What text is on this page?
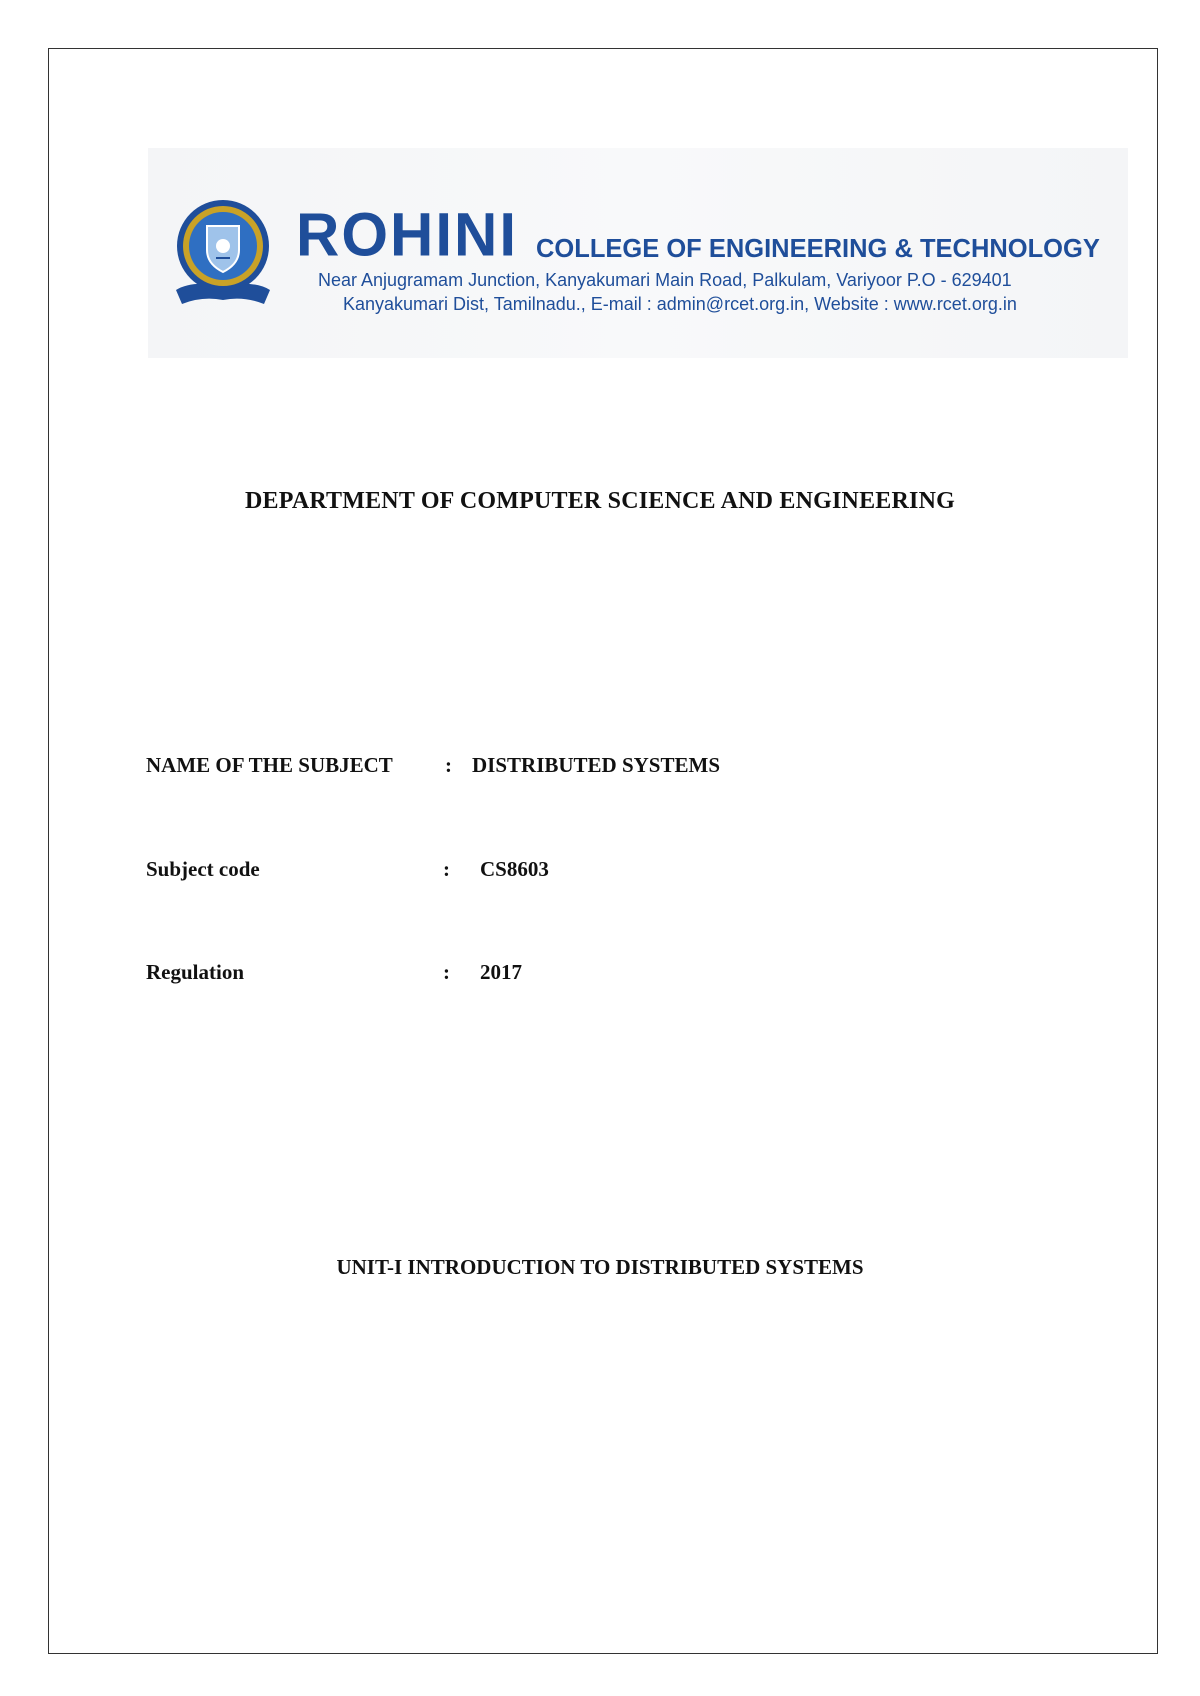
ROHINI COLLEGE OF ENGINEERING & TECHNOLOGY
Near Anjugramam Junction, Kanyakumari Main Road, Palkulam, Variyoor P.O - 629401
Kanyakumari Dist, Tamilnadu., E-mail : admin@rcet.org.in, Website : www.rcet.org.in
DEPARTMENT OF COMPUTER SCIENCE AND ENGINEERING
NAME OF THE SUBJECT : DISTRIBUTED SYSTEMS
Subject code	: CS8603
Regulation	: 2017
UNIT-I INTRODUCTION TO DISTRIBUTED SYSTEMS
